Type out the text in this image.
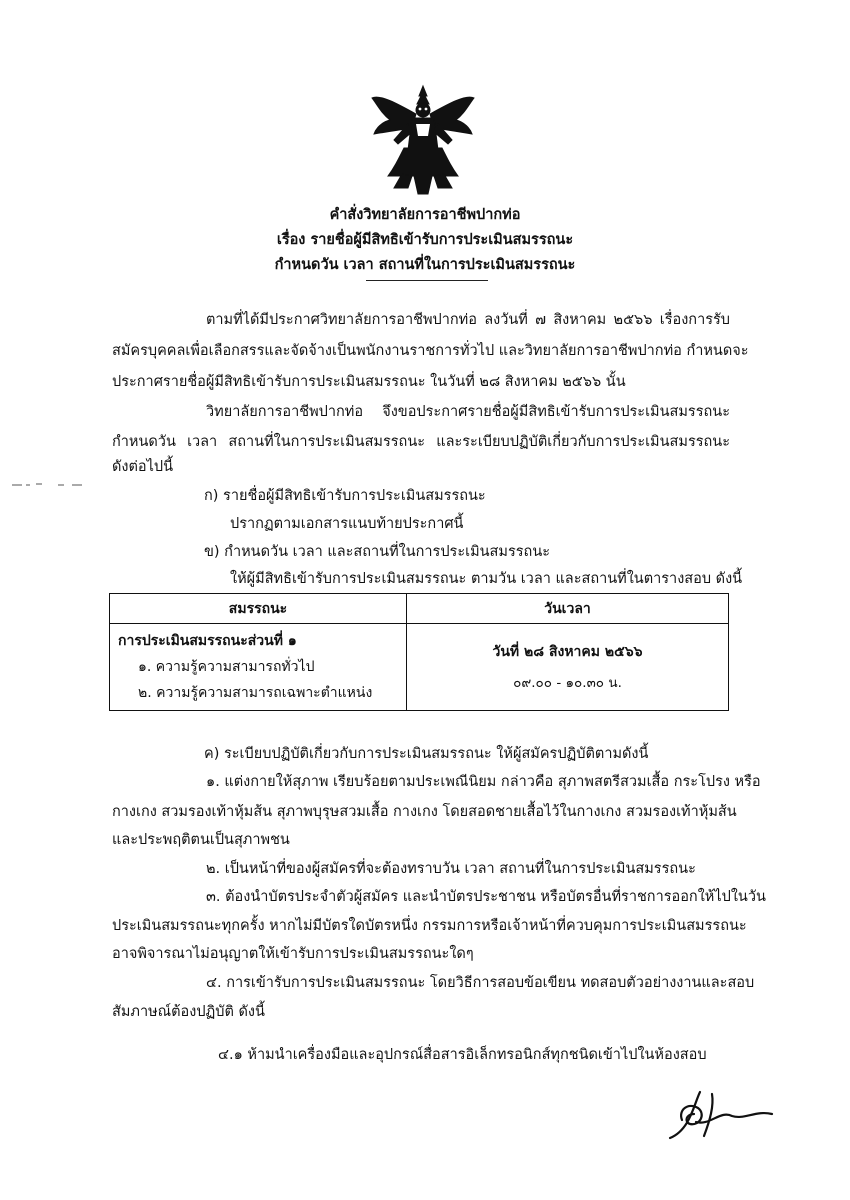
คำสั่งวิทยาลัยการอาชีพปากท่อ
เรื่อง รายชื่อผู้มีสิทธิเข้ารับการประเมินสมรรถนะ
กำหนดวัน เวลา สถานที่ในการประเมินสมรรถนะ
ตามที่ได้มีประกาศวิทยาลัยการอาชีพปากท่อ ลงวันที่ ๗ สิงหาคม ๒๕๖๖ เรื่องการรับ
สมัครบุคคลเพื่อเลือกสรรและจัดจ้างเป็นพนักงานราชการทั่วไป และวิทยาลัยการอาชีพปากท่อ กำหนดจะ
ประกาศรายชื่อผู้มีสิทธิเข้ารับการประเมินสมรรถนะ ในวันที่ ๒๘ สิงหาคม ๒๕๖๖ นั้น
วิทยาลัยการอาชีพปากท่อ จึงขอประกาศรายชื่อผู้มีสิทธิเข้ารับการประเมินสมรรถนะ
กำหนดวัน เวลา สถานที่ในการประเมินสมรรถนะ และระเบียบปฏิบัติเกี่ยวกับการประเมินสมรรถนะ
ดังต่อไปนี้
ก) รายชื่อผู้มีสิทธิเข้ารับการประเมินสมรรถนะ
ปรากฏตามเอกสารแนบท้ายประกาศนี้
ข) กำหนดวัน เวลา และสถานที่ในการประเมินสมรรถนะ
ให้ผู้มีสิทธิเข้ารับการประเมินสมรรถนะ ตามวัน เวลา และสถานที่ในตารางสอบ ดังนี้
สมรรถนะ	วันเวลา

การประเมินสมรรถนะส่วนที่ ๑
๑. ความรู้ความสามารถทั่วไป
๒. ความรู้ความสามารถเฉพาะตำแหน่ง	วันที่ ๒๘ สิงหาคม ๒๕๖๖
๐๙.๐๐ - ๑๐.๓๐ น.
ค) ระเบียบปฏิบัติเกี่ยวกับการประเมินสมรรถนะ ให้ผู้สมัครปฏิบัติตามดังนี้
๑. แต่งกายให้สุภาพ เรียบร้อยตามประเพณีนิยม กล่าวคือ สุภาพสตรีสวมเสื้อ กระโปรง หรือ
กางเกง สวมรองเท้าหุ้มส้น สุภาพบุรุษสวมเสื้อ กางเกง โดยสอดชายเสื้อไว้ในกางเกง สวมรองเท้าหุ้มส้น
และประพฤติตนเป็นสุภาพชน
๒. เป็นหน้าที่ของผู้สมัครที่จะต้องทราบวัน เวลา สถานที่ในการประเมินสมรรถนะ
๓. ต้องนำบัตรประจำตัวผู้สมัคร และนำบัตรประชาชน หรือบัตรอื่นที่ราชการออกให้ไปในวัน
ประเมินสมรรถนะทุกครั้ง หากไม่มีบัตรใดบัตรหนึ่ง กรรมการหรือเจ้าหน้าที่ควบคุมการประเมินสมรรถนะ
อาจพิจารณาไม่อนุญาตให้เข้ารับการประเมินสมรรถนะใดๆ
๔. การเข้ารับการประเมินสมรรถนะ โดยวิธีการสอบข้อเขียน ทดสอบตัวอย่างงานและสอบ
สัมภาษณ์ต้องปฏิบัติ ดังนี้
๔.๑ ห้ามนำเครื่องมือและอุปกรณ์สื่อสารอิเล็กทรอนิกส์ทุกชนิดเข้าไปในห้องสอบ
